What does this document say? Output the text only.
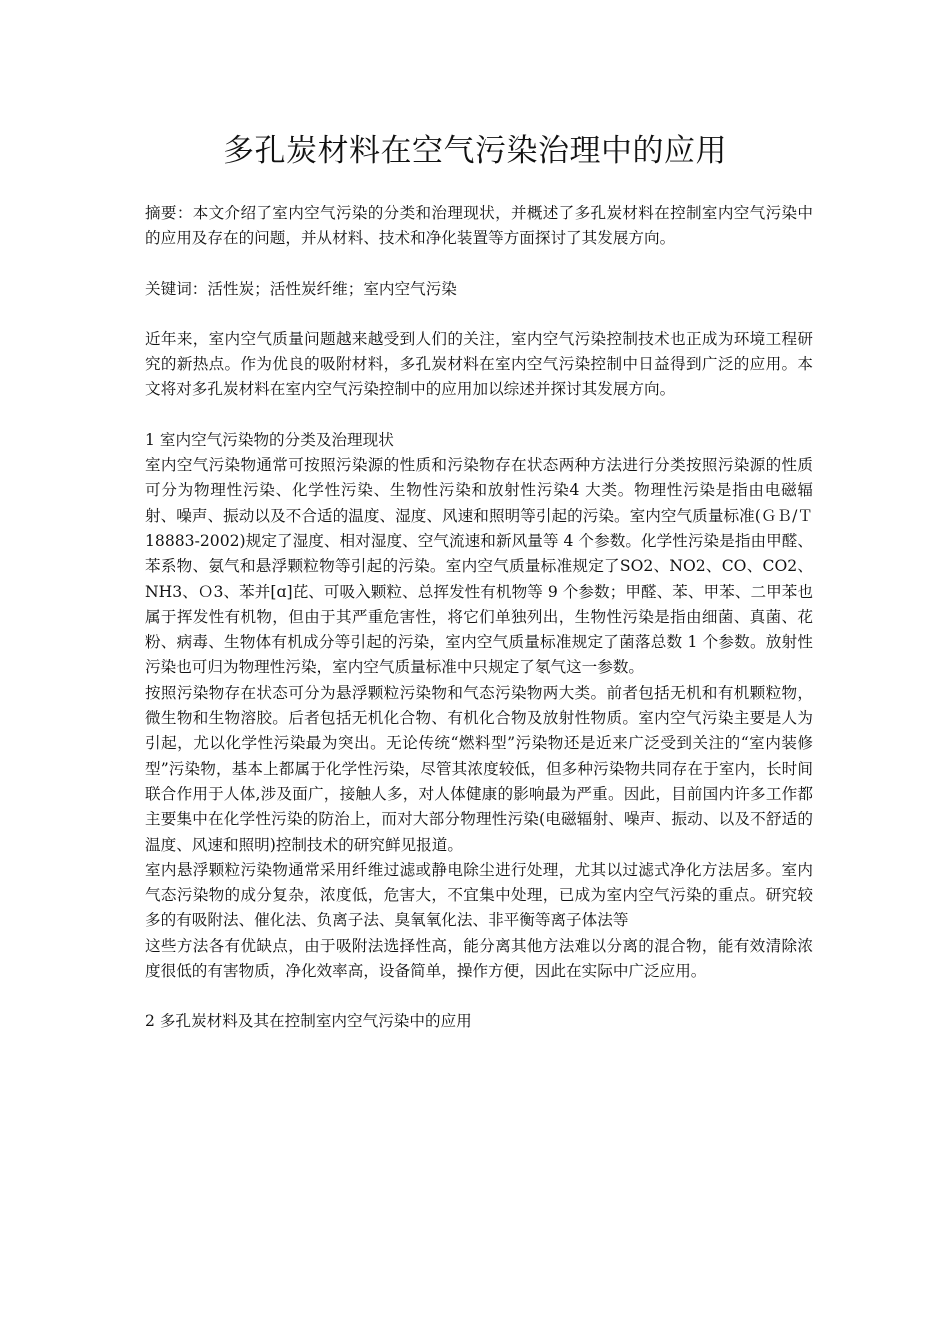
多孔炭材料在空气污染治理中的应用

摘要：本文介绍了室内空气污染的分类和治理现状，并概述了多孔炭材料在控制室内空气污染中的应用及存在的问题，并从材料、技术和净化装置等方面探讨了其发展方向。

关键词：活性炭；活性炭纤维；室内空气污染

近年来，室内空气质量问题越来越受到人们的关注，室内空气污染控制技术也正成为环境工程研究的新热点。作为优良的吸附材料，多孔炭材料在室内空气污染控制中日益得到广泛的应用。本文将对多孔炭材料在室内空气污染控制中的应用加以综述并探讨其发展方向。

1 室内空气污染物的分类及治理现状

室内空气污染物通常可按照污染源的性质和污染物存在状态两种方法进行分类按照污染源的性质可分为物理性污染、化学性污染、生物性污染和放射性污染4 大类。物理性污染是指由电磁辐射、噪声、振动以及不合适的温度、湿度、风速和照明等引起的污染。室内空气质量标准(ＧＢ/Ｔ 18883-2002)规定了湿度、相对湿度、空气流速和新风量等 4 个参数。化学性污染是指由甲醛、苯系物、氨气和悬浮颗粒物等引起的污染。室内空气质量标准规定了SO2、NO2、CO、CO2、NH3、Ｏ3、苯并[ɑ]芘、可吸入颗粒、总挥发性有机物等 9 个参数；甲醛、苯、甲苯、二甲苯也属于挥发性有机物，但由于其严重危害性，将它们单独列出，生物性污染是指由细菌、真菌、花粉、病毒、生物体有机成分等引起的污染，室内空气质量标准规定了菌落总数 1 个参数。放射性污染也可归为物理性污染，室内空气质量标准中只规定了氡气这一参数。

按照污染物存在状态可分为悬浮颗粒污染物和气态污染物两大类。前者包括无机和有机颗粒物，微生物和生物溶胶。后者包括无机化合物、有机化合物及放射性物质。室内空气污染主要是人为引起，尤以化学性污染最为突出。无论传统“燃料型”污染物还是近来广泛受到关注的“室内装修型”污染物，基本上都属于化学性污染，尽管其浓度较低，但多种污染物共同存在于室内，长时间联合作用于人体,涉及面广，接触人多，对人体健康的影响最为严重。因此，目前国内许多工作都主要集中在化学性污染的防治上，而对大部分物理性污染(电磁辐射、噪声、振动、以及不舒适的温度、风速和照明)控制技术的研究鲜见报道。

室内悬浮颗粒污染物通常采用纤维过滤或静电除尘进行处理，尤其以过滤式净化方法居多。室内气态污染物的成分复杂，浓度低，危害大，不宜集中处理，已成为室内空气污染的重点。研究较多的有吸附法、催化法、负离子法、臭氧氧化法、非平衡等离子体法等

这些方法各有优缺点，由于吸附法选择性高，能分离其他方法难以分离的混合物，能有效清除浓度很低的有害物质，净化效率高，设备简单，操作方便，因此在实际中广泛应用。

2 多孔炭材料及其在控制室内空气污染中的应用
